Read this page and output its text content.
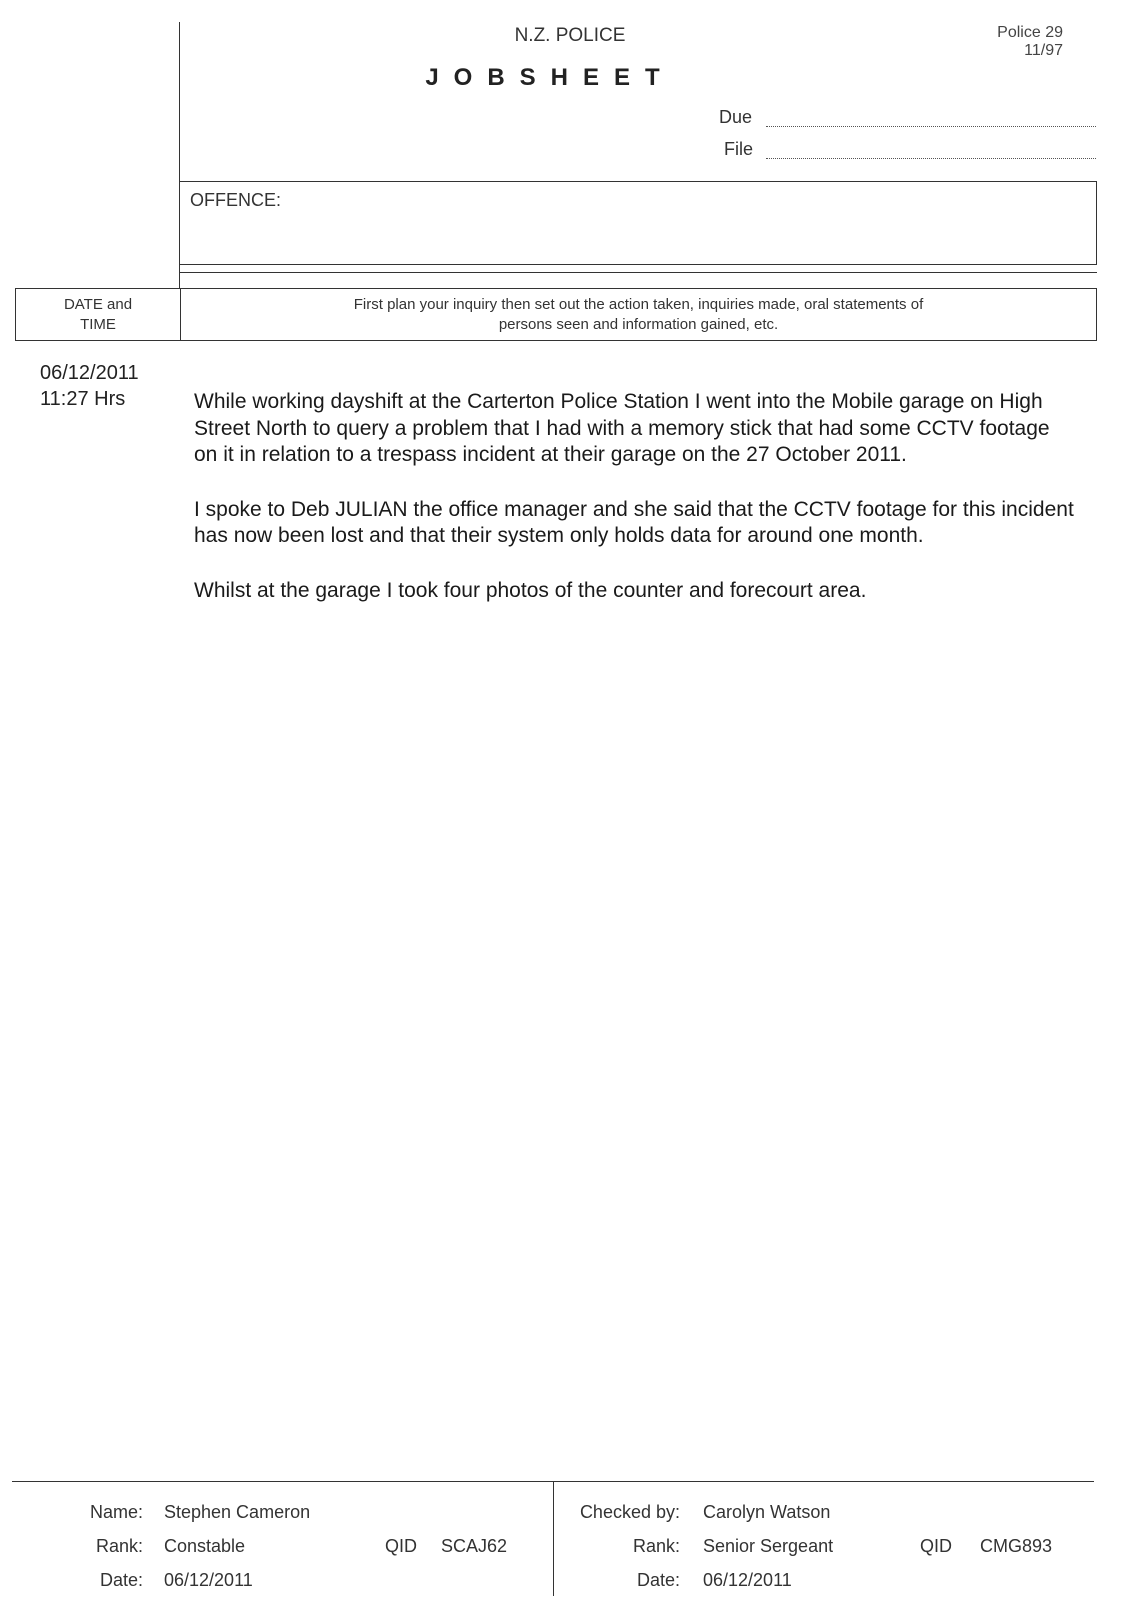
N.Z. POLICE
JOBSHEET
Police 29
11/97
Due
File
OFFENCE:
DATE and
TIME
First plan your inquiry then set out the action taken, inquiries made, oral statements of
persons seen and information gained, etc.
06/12/2011
11:27 Hrs	While working dayshift at the Carterton Police Station I went into the Mobile garage on High Street North to query a problem that I had with a memory stick that had some CCTV footage on it in relation to a trespass incident at their garage on the 27 October 2011.

I spoke to Deb JULIAN the office manager and she said that the CCTV footage for this incident has now been lost and that their system only holds data for around one month.

Whilst at the garage I took four photos of the counter and forecourt area.

Name: Stephen Cameron
Rank: Constable	QID SCAJ62
Date: 06/12/2011
Checked by: Carolyn Watson
Rank: Senior Sergeant	QID CMG893
Date: 06/12/2011
